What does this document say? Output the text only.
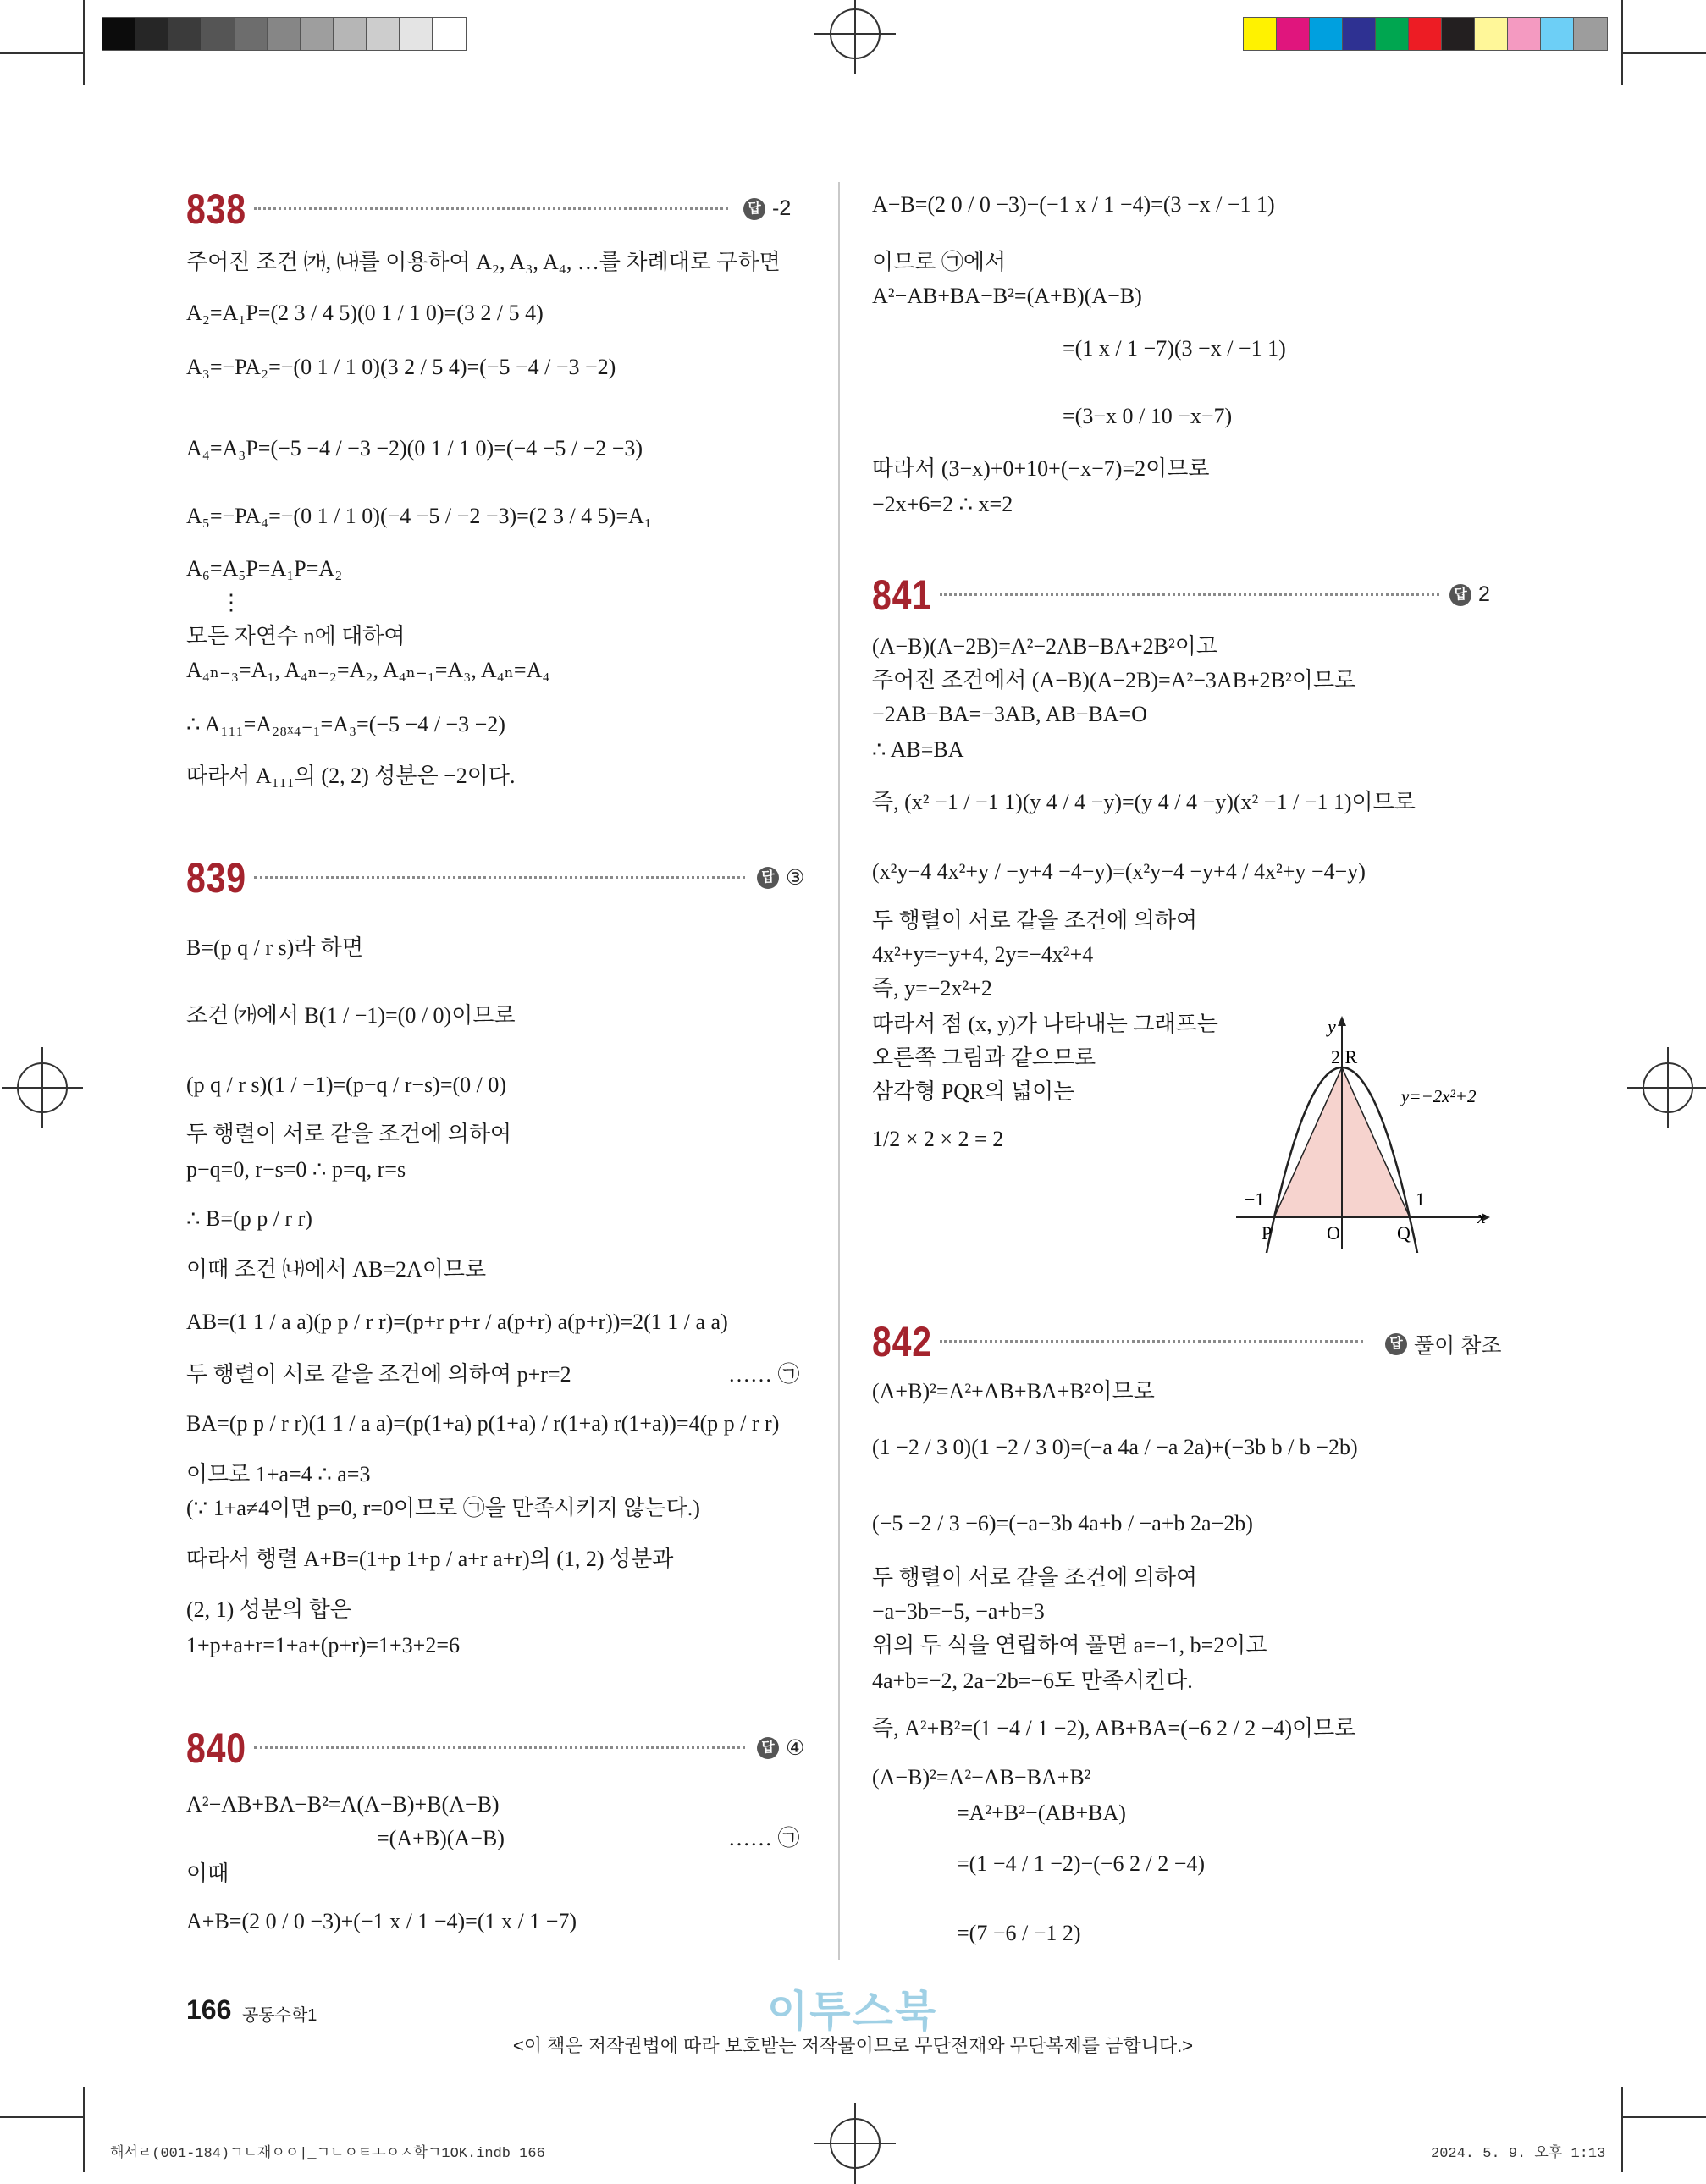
838	답 -2
주어진 조건 ㈎, ㈏를 이용하여 A₂, A₃, A₄, …를 차례대로 구하면
A₂=A₁P=(2 3 / 4 5)(0 1 / 1 0)=(3 2 / 5 4)
A₃=−PA₂=−(0 1 / 1 0)(3 2 / 5 4)=(−5 −4 / −3 −2)
A₄=A₃P=(−5 −4 / −3 −2)(0 1 / 1 0)=(−4 −5 / −2 −3)
A₅=−PA₄=−(0 1 / 1 0)(−4 −5 / −2 −3)=(2 3 / 4 5)=A₁
A₆=A₅P=A₁P=A₂
⋮
모든 자연수 n에 대하여
A₄ₙ₋₃=A₁, A₄ₙ₋₂=A₂, A₄ₙ₋₁=A₃, A₄ₙ=A₄
∴ A₁₁₁=A₂₈ₓ₄₋₁=A₃=(−5 −4 / −3 −2)
따라서 A₁₁₁의 (2, 2) 성분은 −2이다.
839	답 ③
B=(p q / r s)라 하면
조건 ㈎에서 B(1 / −1)=(0 / 0)이므로
(p q / r s)(1 / −1)=(p−q / r−s)=(0 / 0)
두 행렬이 서로 같을 조건에 의하여
p−q=0, r−s=0 ∴ p=q, r=s
∴ B=(p p / r r)
이때 조건 ㈏에서 AB=2A이므로
AB=(1 1 / a a)(p p / r r)=(p+r p+r / a(p+r) a(p+r))=2(1 1 / a a)
두 행렬이 서로 같을 조건에 의하여 p+r=2
BA=(p p / r r)(1 1 / a a)=(p(1+a) p(1+a) / r(1+a) r(1+a))=4(p p / r r)
이므로 1+a=4 ∴ a=3
(∵ 1+a≠4이면 p=0, r=0이므로 ㉠을 만족시키지 않는다.)
따라서 행렬 A+B=(1+p 1+p / a+r a+r)의 (1, 2) 성분과
(2, 1) 성분의 합은
1+p+a+r=1+a+(p+r)=1+3+2=6
…… ㉠
840	답 ④
A²−AB+BA−B²=A(A−B)+B(A−B)
=(A+B)(A−B)
이때
A+B=(2 0 / 0 −3)+(−1 x / 1 −4)=(1 x / 1 −7)
A−B=(2 0 / 0 −3)−(−1 x / 1 −4)=(3 −x / −1 1)
이므로 ㉠에서
A²−AB+BA−B²=(A+B)(A−B)
=(1 x / 1 −7)(3 −x / −1 1)
=(3−x 0 / 10 −x−7)
따라서 (3−x)+0+10+(−x−7)=2이므로
−2x+6=2 ∴ x=2
…… ㉠
841	답 2
(A−B)(A−2B)=A²−2AB−BA+2B²이고
주어진 조건에서 (A−B)(A−2B)=A²−3AB+2B²이므로
−2AB−BA=−3AB, AB−BA=O
∴ AB=BA
즉, (x² −1 / −1 1)(y 4 / 4 −y)=(y 4 / 4 −y)(x² −1 / −1 1)이므로
(x²y−4 4x²+y / −y+4 −4−y)=(x²y−4 −y+4 / 4x²+y −4−y)
두 행렬이 서로 같을 조건에 의하여
4x²+y=−y+4, 2y=−4x²+4
즉, y=−2x²+2
따라서 점 (x, y)가 나타내는 그래프는
오른쪽 그림과 같으므로
삼각형 PQR의 넓이는
1/2 × 2 × 2 = 2
x
y
2 R
P	O	Q
−1	1
y=−2x²+2
842	답 풀이 참조
(A+B)²=A²+AB+BA+B²이므로
(1 −2 / 3 0)(1 −2 / 3 0)=(−a 4a / −a 2a)+(−3b b / b −2b)
(−5 −2 / 3 −6)=(−a−3b 4a+b / −a+b 2a−2b)
두 행렬이 서로 같을 조건에 의하여
−a−3b=−5, −a+b=3
위의 두 식을 연립하여 풀면 a=−1, b=2이고
4a+b=−2, 2a−2b=−6도 만족시킨다.
즉, A²+B²=(1 −4 / 1 −2), AB+BA=(−6 2 / 2 −4)이므로
(A−B)²=A²−AB−BA+B²
=A²+B²−(AB+BA)
=(1 −4 / 1 −2)−(−6 2 / 2 −4)
=(7 −6 / −1 2)
166 공통수학1	이투스북
<이 책은 저작권법에 따라 보호받는 저작물이므로 무단전재와 무단복제를 금합니다.>
해서ㄹ(001-184)ㄱㄴ재ㅇㅇ|_ㄱㄴㅇㅌㅗㅇㅅ학ㄱ1OK.indb 166	2024. 5. 9. 오후 1:13
